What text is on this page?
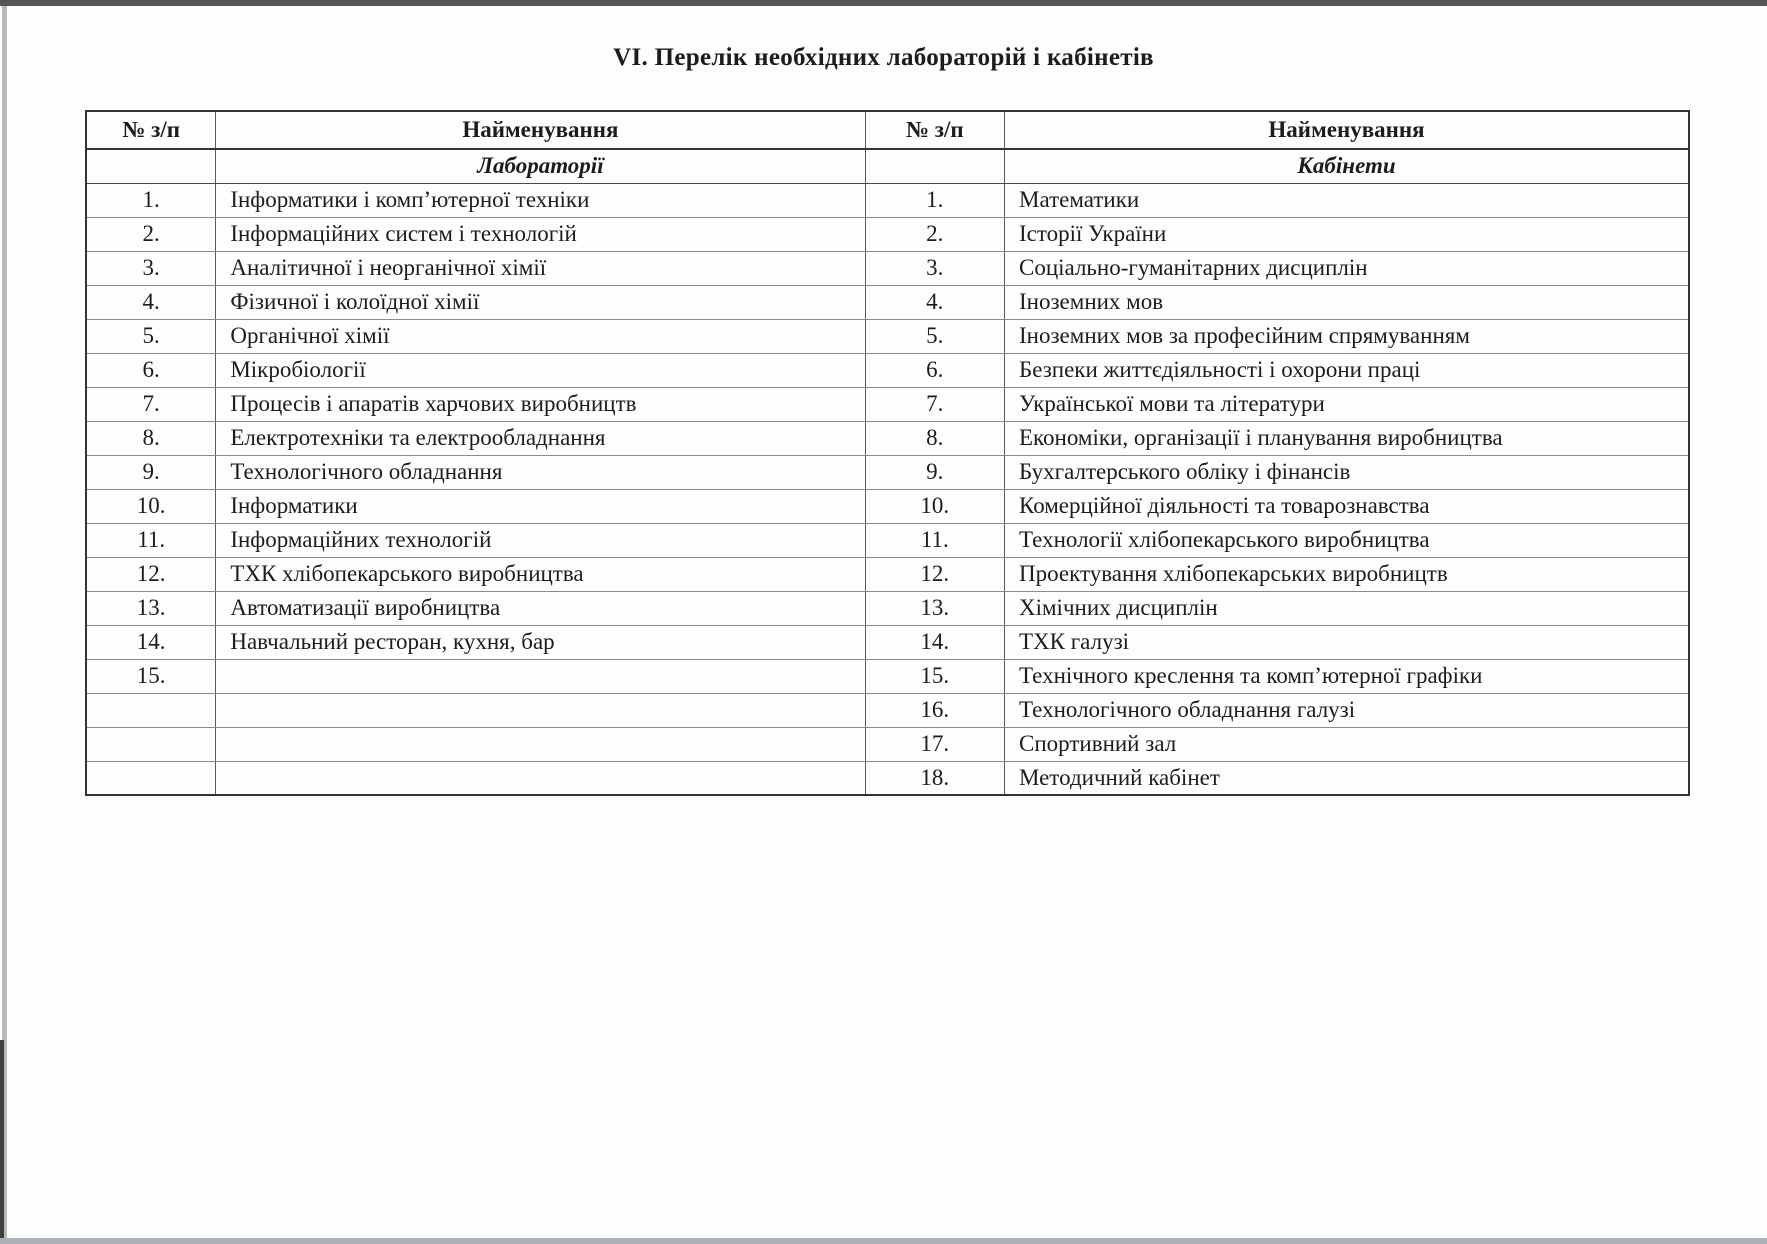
VI. Перелік необхідних лабораторій і кабінетів
№ з/п	Найменування	№ з/п	Найменування
	Лабораторії		Кабінети
1.	Інформатики і комп’ютерної техніки	1.	Математики
2.	Інформаційних систем і технологій	2.	Історії України
3.	Аналітичної і неорганічної хімії	3.	Соціально-гуманітарних дисциплін
4.	Фізичної і колоїдної хімії	4.	Іноземних мов
5.	Органічної хімії	5.	Іноземних мов за професійним спрямуванням
6.	Мікробіології	6.	Безпеки життєдіяльності і охорони праці
7.	Процесів і апаратів харчових виробництв	7.	Української мови та літератури
8.	Електротехніки та електрообладнання	8.	Економіки, організації і планування виробництва
9.	Технологічного обладнання	9.	Бухгалтерського обліку і фінансів
10.	Інформатики	10.	Комерційної діяльності та товарознавства
11.	Інформаційних технологій	11.	Технології хлібопекарського виробництва
12.	ТХК хлібопекарського виробництва	12.	Проектування хлібопекарських виробництв
13.	Автоматизації виробництва	13.	Хімічних дисциплін
14.	Навчальний ресторан, кухня, бар	14.	ТХК галузі
15.		15.	Технічного креслення та комп’ютерної графіки
		16.	Технологічного обладнання галузі
		17.	Спортивний зал
		18.	Методичний кабінет
